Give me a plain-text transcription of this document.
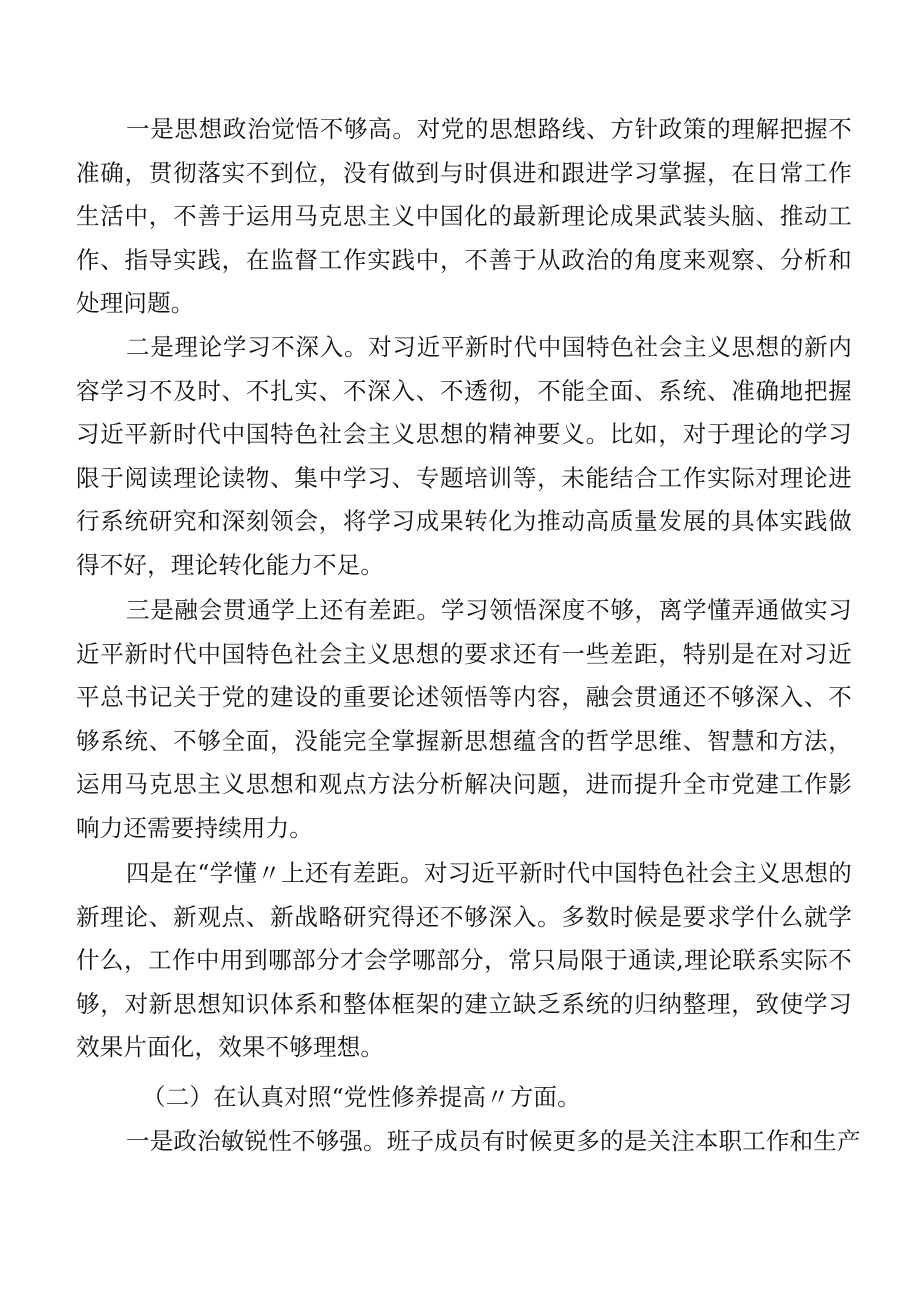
一是思想政治觉悟不够高。对党的思想路线、方针政策的理解把握不准确，贯彻落实不到位，没有做到与时俱进和跟进学习掌握，在日常工作生活中，不善于运用马克思主义中国化的最新理论成果武装头脑、推动工作、指导实践，在监督工作实践中，不善于从政治的角度来观察、分析和处理问题。

二是理论学习不深入。对习近平新时代中国特色社会主义思想的新内容学习不及时、不扎实、不深入、不透彻，不能全面、系统、准确地把握习近平新时代中国特色社会主义思想的精神要义。比如，对于理论的学习限于阅读理论读物、集中学习、专题培训等，未能结合工作实际对理论进行系统研究和深刻领会，将学习成果转化为推动高质量发展的具体实践做得不好，理论转化能力不足。

三是融会贯通学上还有差距。学习领悟深度不够，离学懂弄通做实习近平新时代中国特色社会主义思想的要求还有一些差距，特别是在对习近平总书记关于党的建设的重要论述领悟等内容，融会贯通还不够深入、不够系统、不够全面，没能完全掌握新思想蕴含的哲学思维、智慧和方法，运用马克思主义思想和观点方法分析解决问题，进而提升全市党建工作影响力还需要持续用力。

四是在“学懂〃上还有差距。对习近平新时代中国特色社会主义思想的新理论、新观点、新战略研究得还不够深入。多数时候是要求学什么就学什么，工作中用到哪部分才会学哪部分，常只局限于通读,理论联系实际不够，对新思想知识体系和整体框架的建立缺乏系统的归纳整理，致使学习效果片面化，效果不够理想。

（二）在认真对照“党性修养提高〃方面。

一是政治敏锐性不够强。班子成员有时候更多的是关注本职工作和生产
